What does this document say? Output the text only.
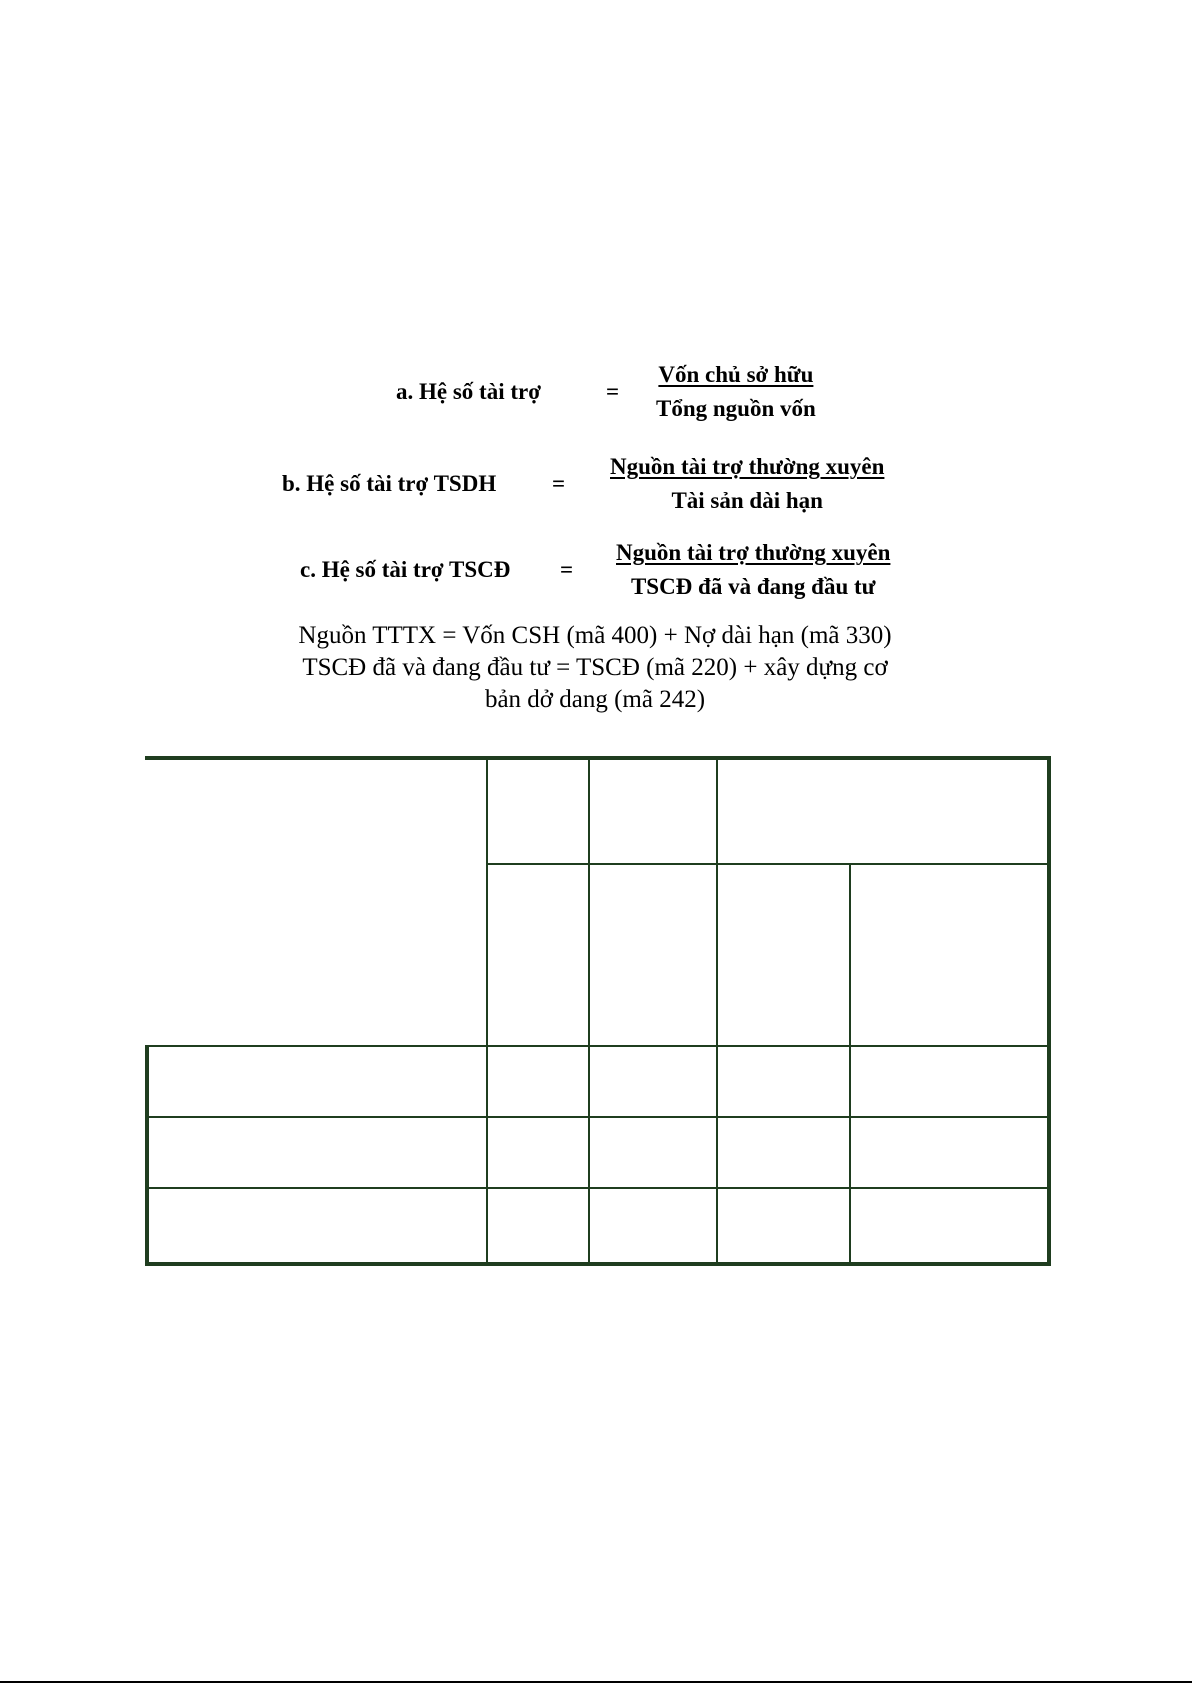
a. Hệ số tài trợ	=	$\frac{\text{Vốn chủ sở hữu}}{\text{Tổng nguồn vốn}}$
b. Hệ số tài trợ TSDH	=	$\frac{\text{Nguồn tài trợ thường xuyên}}{\text{Tài sản dài hạn}}$
c. Hệ số tài trợ TSCĐ	=	$\frac{\text{Nguồn tài trợ thường xuyên}}{\text{TSCĐ đã và đang đầu tư}}$
Nguồn TTTX = Vốn CSH (mã 400) + Nợ dài hạn (mã 330)
TSCĐ đã và đang đầu tư = TSCĐ (mã 220) + xây dựng cơ
bản dở dang (mã 242)
